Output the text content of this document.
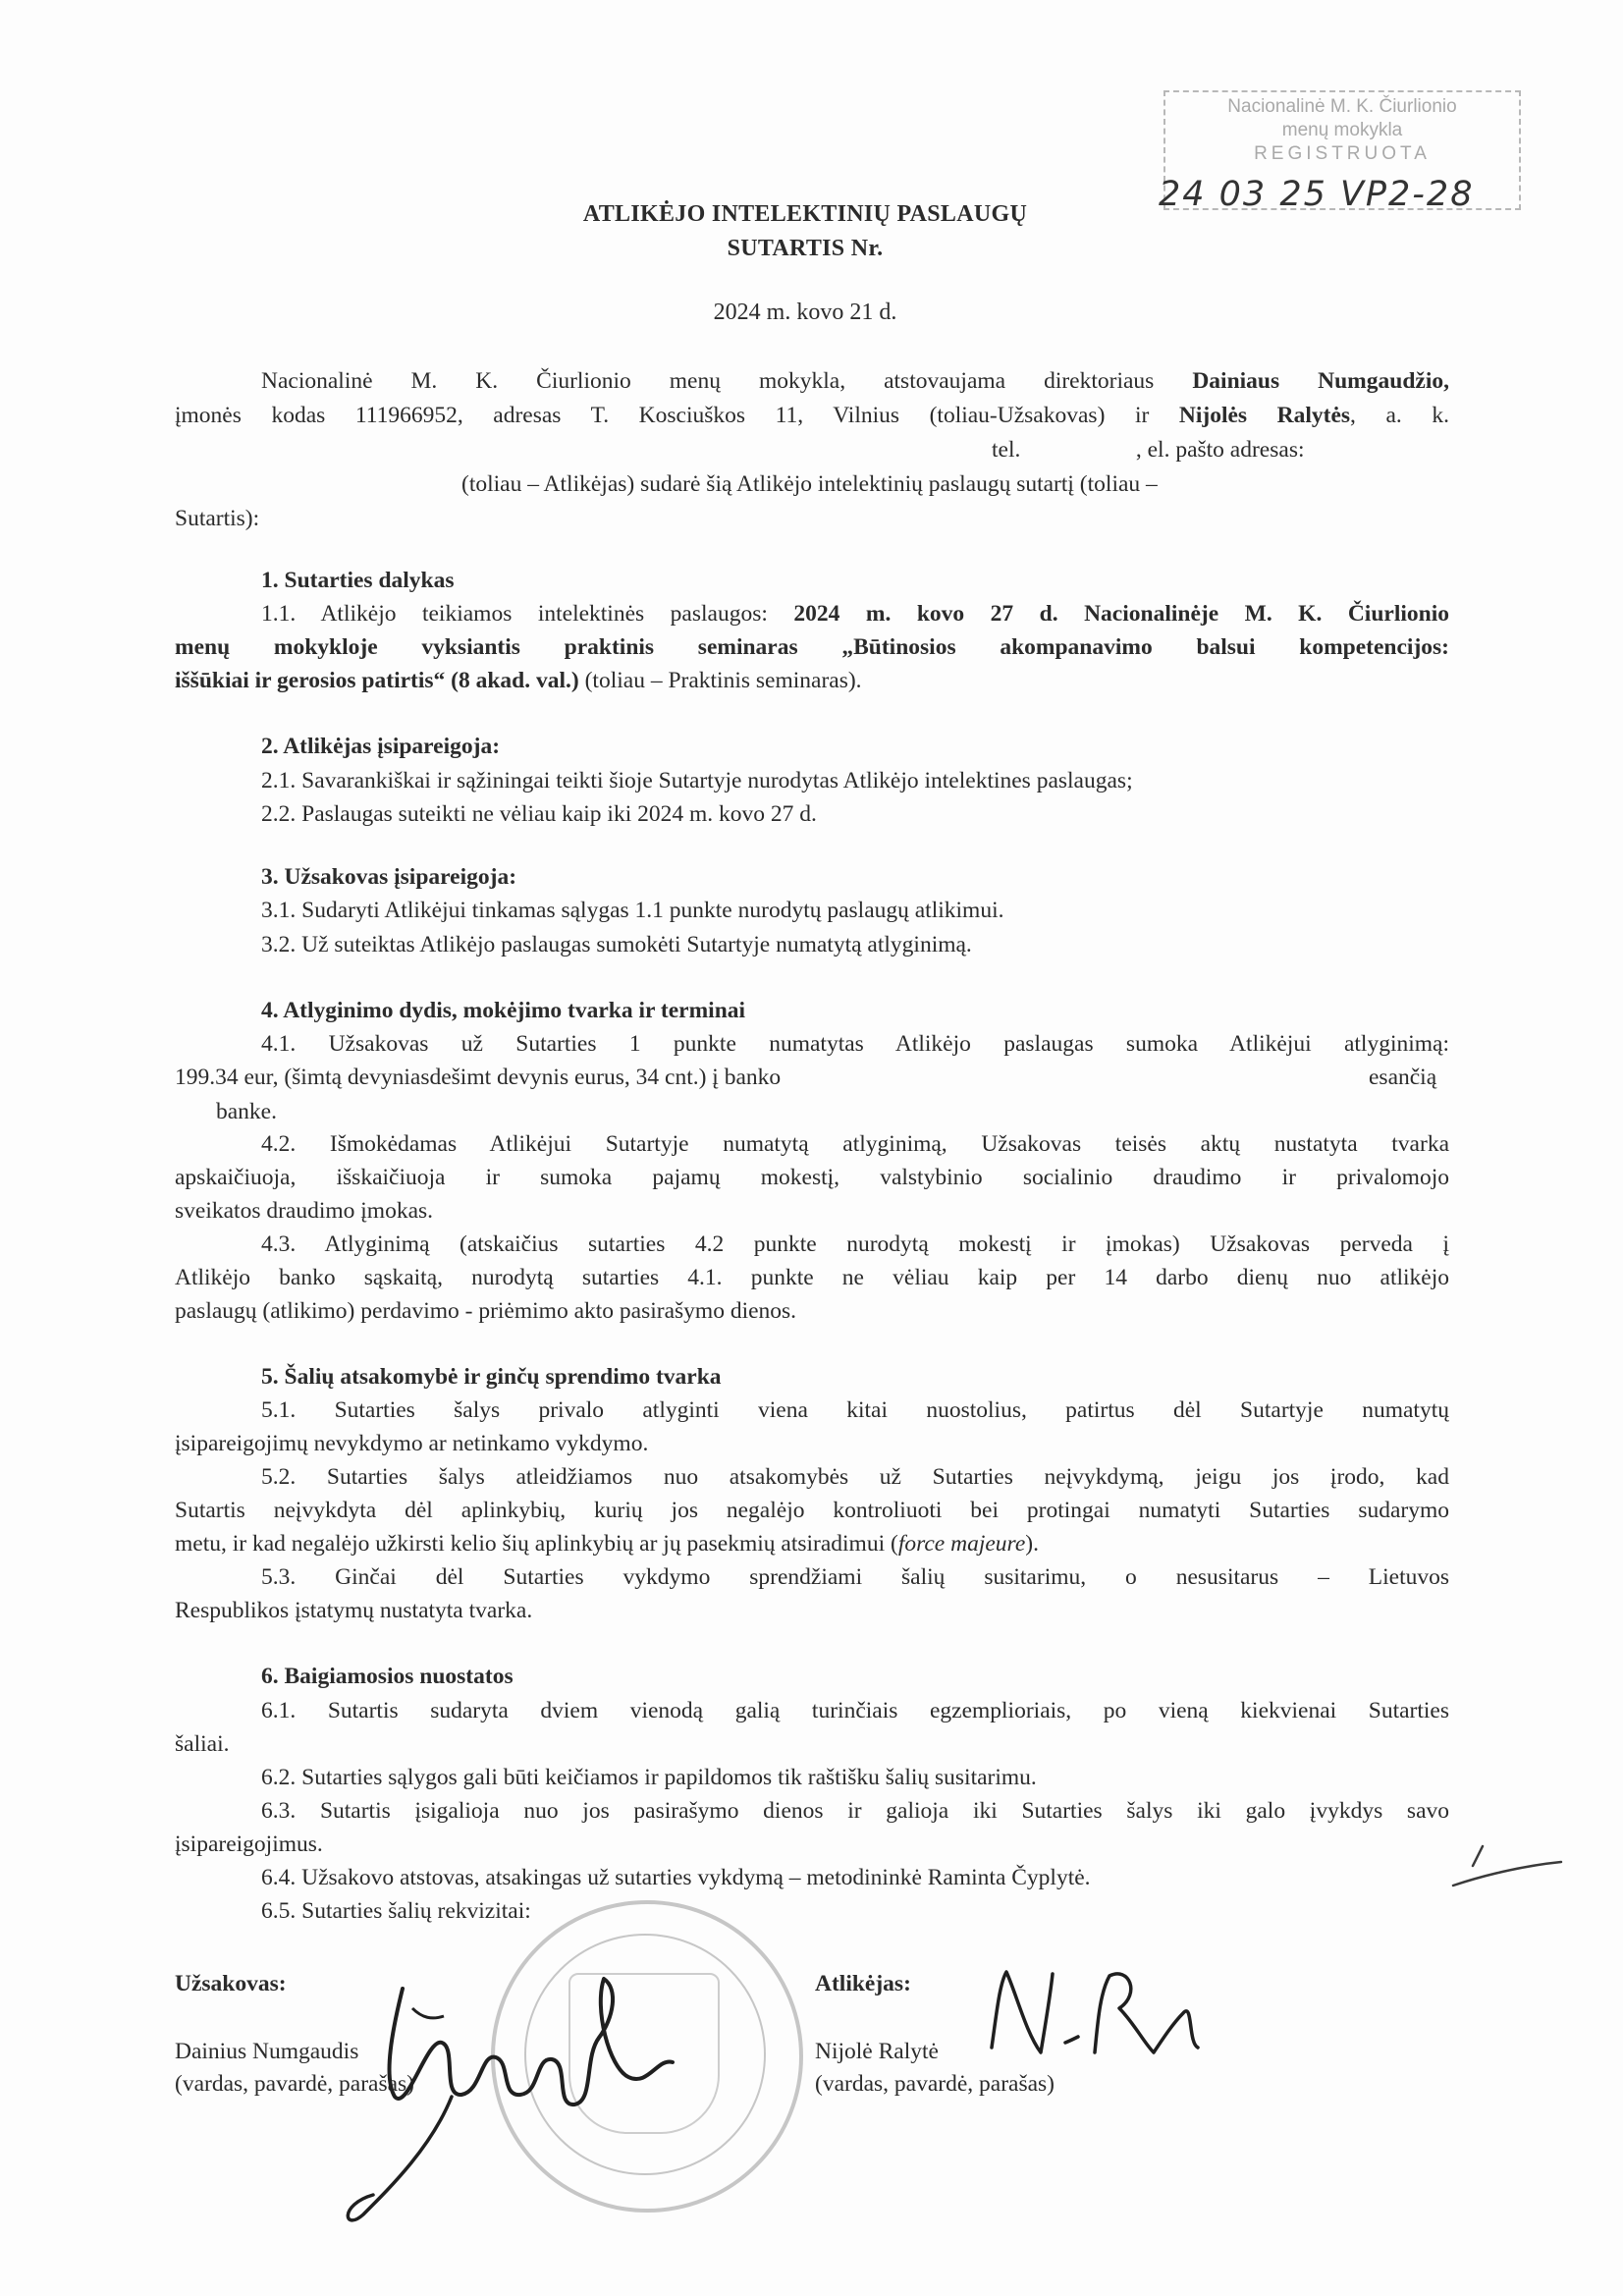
Nacionalinė M. K. Čiurlionio
menų mokykla
REGISTRUOTA
24 03 25 VP2-28
ATLIKĖJO INTELEKTINIŲ PASLAUGŲ
SUTARTIS Nr.
2024 m. kovo 21 d.
Nacionalinė M. K. Čiurlionio menų mokykla, atstovaujama direktoriaus Dainiaus Numgaudžio,
įmonės kodas 111966952, adresas T. Kosciuškos 11, Vilnius (toliau-Užsakovas) ir Nijolės Ralytės, a. k.
tel.                    , el. pašto adresas:
(toliau – Atlikėjas) sudarė šią Atlikėjo intelektinių paslaugų sutartį (toliau –
Sutartis):
1. Sutarties dalykas
1.1. Atlikėjo teikiamos intelektinės paslaugos: 2024 m. kovo 27 d. Nacionalinėje M. K. Čiurlionio
menų mokykloje vyksiantis praktinis seminaras „Būtinosios akompanavimo balsui kompetencijos:
iššūkiai ir gerosios patirtis“ (8 akad. val.) (toliau – Praktinis seminaras).
2. Atlikėjas įsipareigoja:
2.1. Savarankiškai ir sąžiningai teikti šioje Sutartyje nurodytas Atlikėjo intelektines paslaugas;
2.2. Paslaugas suteikti ne vėliau kaip iki 2024 m. kovo 27 d.
3. Užsakovas įsipareigoja:
3.1. Sudaryti Atlikėjui tinkamas sąlygas 1.1 punkte nurodytų paslaugų atlikimui.
3.2. Už suteiktas Atlikėjo paslaugas sumokėti Sutartyje numatytą atlyginimą.
4. Atlyginimo dydis, mokėjimo tvarka ir terminai
4.1. Užsakovas už Sutarties 1 punkte numatytas Atlikėjo paslaugas sumoka Atlikėjui atlyginimą:
199.34 eur, (šimtą devyniasdešimt devynis eurus, 34 cnt.) į banko	esančią
banke.
4.2. Išmokėdamas Atlikėjui Sutartyje numatytą atlyginimą, Užsakovas teisės aktų nustatyta tvarka
apskaičiuoja, išskaičiuoja ir sumoka pajamų mokestį, valstybinio socialinio draudimo ir privalomojo
sveikatos draudimo įmokas.
4.3. Atlyginimą (atskaičius sutarties 4.2 punkte nurodytą mokestį ir įmokas) Užsakovas perveda į
Atlikėjo banko sąskaitą, nurodytą sutarties 4.1. punkte ne vėliau kaip per 14 darbo dienų nuo atlikėjo
paslaugų (atlikimo) perdavimo - priėmimo akto pasirašymo dienos.
5. Šalių atsakomybė ir ginčų sprendimo tvarka
5.1. Sutarties šalys privalo atlyginti viena kitai nuostolius, patirtus dėl Sutartyje numatytų
įsipareigojimų nevykdymo ar netinkamo vykdymo.
5.2. Sutarties šalys atleidžiamos nuo atsakomybės už Sutarties neįvykdymą, jeigu jos įrodo, kad
Sutartis neįvykdyta dėl aplinkybių, kurių jos negalėjo kontroliuoti bei protingai numatyti Sutarties sudarymo
metu, ir kad negalėjo užkirsti kelio šių aplinkybių ar jų pasekmių atsiradimui (force majeure).
5.3. Ginčai dėl Sutarties vykdymo sprendžiami šalių susitarimu, o nesusitarus – Lietuvos
Respublikos įstatymų nustatyta tvarka.
6. Baigiamosios nuostatos
6.1. Sutartis sudaryta dviem vienodą galią turinčiais egzemplioriais, po vieną kiekvienai Sutarties
šaliai.
6.2. Sutarties sąlygos gali būti keičiamos ir papildomos tik raštišku šalių susitarimu.
6.3. Sutartis įsigalioja nuo jos pasirašymo dienos ir galioja iki Sutarties šalys iki galo įvykdys savo
įsipareigojimus.
6.4. Užsakovo atstovas, atsakingas už sutarties vykdymą – metodininkė Raminta Čyplytė.
6.5. Sutarties šalių rekvizitai:
Užsakovas:
Dainius Numgaudis
(vardas, pavardė, parašas)
Atlikėjas:
Nijolė Ralytė
(vardas, pavardė, parašas)
